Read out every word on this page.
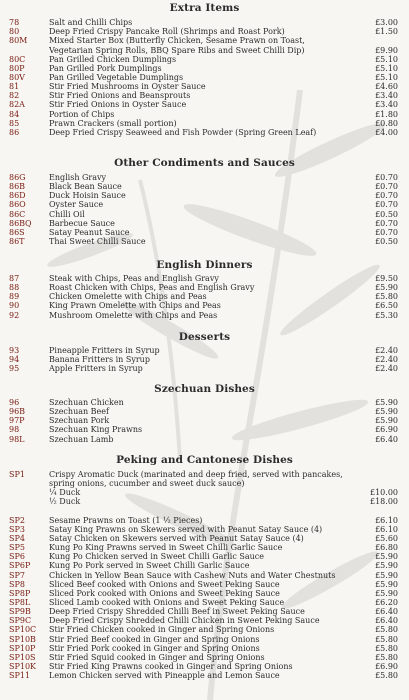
Extra Items
78	Salt and Chilli Chips	£3.00
80	Deep Fried Crispy Pancake Roll (Shrimps and Roast Pork)	£1.50
80M	Mixed Starter Box (Butterfly Chicken, Sesame Prawn on Toast,
Vegetarian Spring Rolls, BBQ Spare Ribs and Sweet Chilli Dip)	£9.90
80C	Pan Grilled Chicken Dumplings	£5.10
80P	Pan Grilled Pork Dumplings	£5.10
80V	Pan Grilled Vegetable Dumplings	£5.10
81	Stir Fried Mushrooms in Oyster Sauce	£4.60
82	Stir Fried Onions and Beansprouts	£3.40
82A	Stir Fried Onions in Oyster Sauce	£3.40
84	Portion of Chips	£1.80
85	Prawn Crackers (small portion)	£0.80
86	Deep Fried Crispy Seaweed and Fish Powder (Spring Green Leaf)	£4.00
Other Condiments and Sauces
86G	English Gravy	£0.70
86B	Black Bean Sauce	£0.70
86D	Duck Hoisin Sauce	£0.70
86O	Oyster Sauce	£0.70
86C	Chilli Oil	£0.50
86BQ Barbecue Sauce	£0.70
86S	Satay Peanut Sauce	£0.70
86T	Thai Sweet Chilli Sauce	£0.50
English Dinners
87	Steak with Chips, Peas and English Gravy	£9.50
88	Roast Chicken with Chips, Peas and English Gravy	£5.90
89	Chicken Omelette with Chips and Peas	£5.80
90	King Prawn Omelette with Chips and Peas	£6.50
92	Mushroom Omelette with Chips and Peas	£5.30
Desserts
93	Pineapple Fritters in Syrup	£2.40
94	Banana Fritters in Syrup	£2.40
95	Apple Fritters in Syrup	£2.40
Szechuan Dishes
96	Szechuan Chicken	£5.90
96B	Szechuan Beef	£5.90
97P	Szechuan Pork	£5.90
98	Szechuan King Prawns	£6.90
98L	Szechuan Lamb	£6.40
Peking and Cantonese Dishes
SP1	Crispy Aromatic Duck (marinated and deep fried, served with pancakes,
spring onions, cucumber and sweet duck sauce)
¼ Duck	£10.00
½ Duck	£18.00
SP2	Sesame Prawns on Toast (1 ½ Pieces)	£6.10
SP3	Satay King Prawns on Skewers served with Peanut Satay Sauce (4)	£6.10
SP4	Satay Chicken on Skewers served with Peanut Satay Sauce (4)	£5.60
SP5	Kung Po King Prawns served in Sweet Chilli Garlic Sauce	£6.80
SP6	Kung Po Chicken served in Sweet Chilli Garlic Sauce	£5.90
SP6P Kung Po Pork served in Sweet Chilli Garlic Sauce	£5.90
SP7	Chicken in Yellow Bean Sauce with Cashew Nuts and Water Chestnuts	£5.90
SP8	Sliced Beef cooked with Onions and Sweet Peking Sauce	£5.90
SP8P Sliced Pork cooked with Onions and Sweet Peking Sauce	£5.90
SP8L Sliced Lamb cooked with Onions and Sweet Peking Sauce	£6.20
SP9B Deep Fried Crispy Shredded Chilli Beef in Sweet Peking Sauce	£6.40
SP9C Deep Fried Crispy Shredded Chilli Chicken in Sweet Peking Sauce	£6.40
SP10C Stir Fried Chicken cooked in Ginger and Spring Onions	£5.80
SP10B Stir Fried Beef cooked in Ginger and Spring Onions	£5.80
SP10P Stir Fried Pork cooked in Ginger and Spring Onions	£5.80
SP10S Stir Fried Squid cooked in Ginger and Spring Onions	£5.80
SP10K Stir Fried King Prawns cooked in Ginger and Spring Onions	£6.90
SP11 Lemon Chicken served with Pineapple and Lemon Sauce	£5.80
